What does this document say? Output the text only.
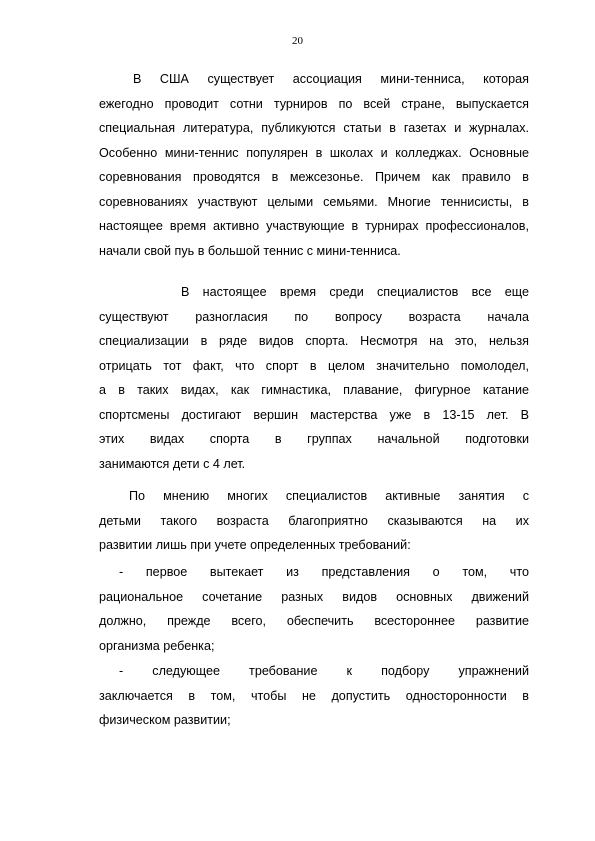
20
В США существует ассоциация мини-тенниса, которая
ежегодно проводит сотни турниров по всей стране, выпускается
специальная литература, публикуются статьи в газетах и журналах.
Особенно мини-теннис популярен в школах и колледжах. Основные
соревнования проводятся в межсезонье. Причем как правило в
соревнованиях участвуют целыми семьями. Многие теннисисты, в
настоящее время активно участвующие в турнирах профессионалов,
начали свой пуь в большой теннис с мини-тенниса.
В настоящее время среди специалистов все еще
существуют разногласия по вопросу возраста начала
специализации в ряде видов спорта. Несмотря на это, нельзя
отрицать тот факт, что спорт в целом значительно помолодел,
а в таких видах, как гимнастика, плавание, фигурное катание
спортсмены достигают вершин мастерства уже в 13-15 лет. В
этих видах спорта в группах начальной подготовки
занимаются дети с 4 лет.
По мнению многих специалистов активные занятия с
детьми такого возраста благоприятно сказываются на их
развитии лишь при учете определенных требований:
- первое вытекает из представления о том, что
рациональное сочетание разных видов основных движений
должно, прежде всего, обеспечить всестороннее развитие
организма ребенка;
- следующее требование к подбору упражнений
заключается в том, чтобы не допустить односторонности в
физическом развитии;
